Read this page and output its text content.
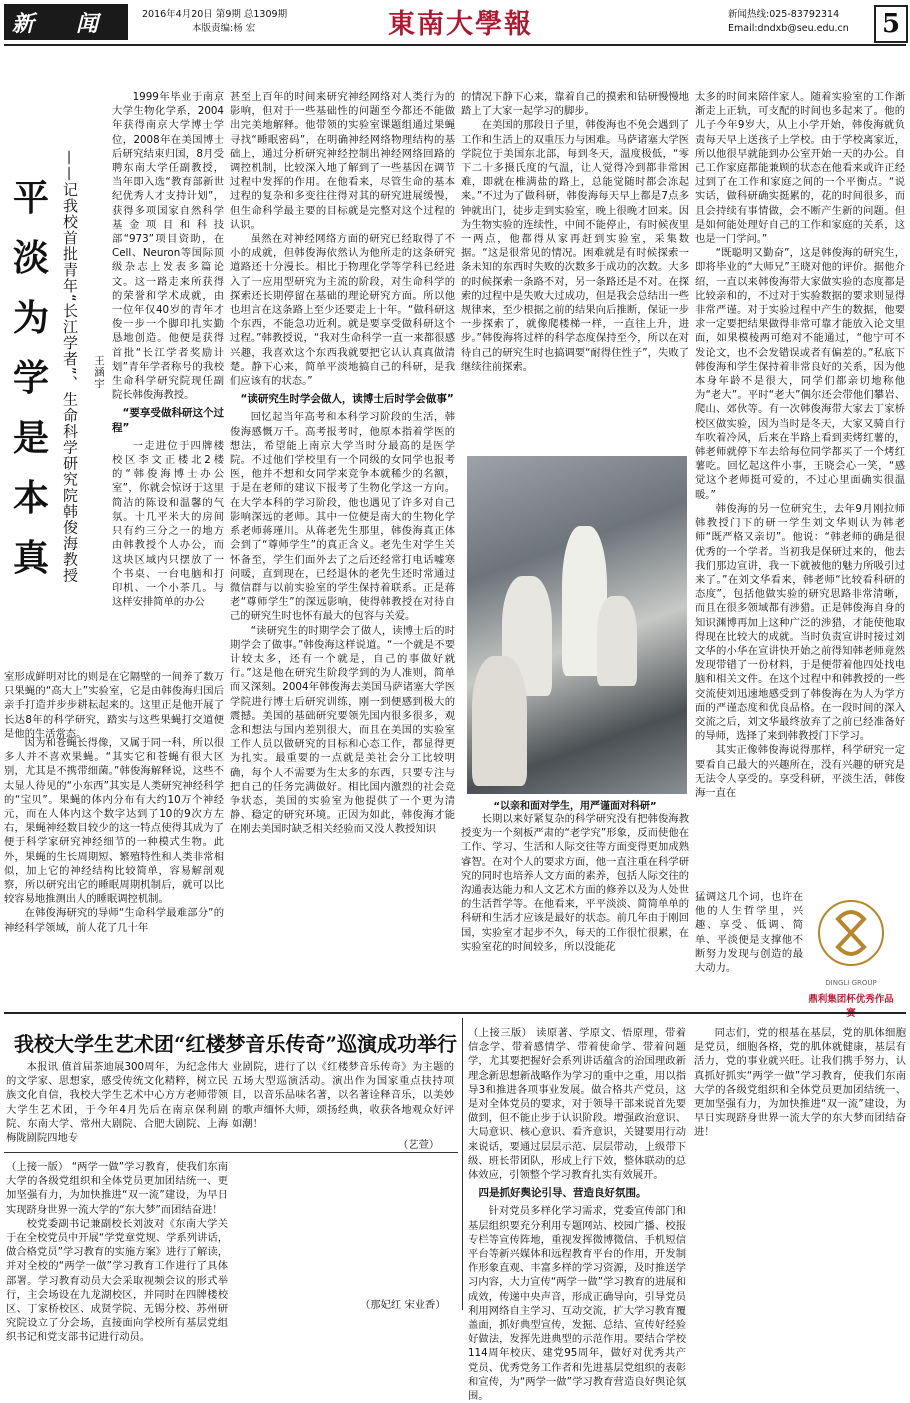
新 闻	2016年4月20日 第9期 总1309期
本版责编:杨 宏	東南大學報	新闻热线:025-83792314
Email:dndxb@seu.edu.cn	5
平
淡
为
学
是
本
真 ——记我校首批青年“长江学者”、生命科学研究院韩俊海教授 王涵宇

1999年毕业于南京大学生物化学系，2004年获得南京大学博士学位，2008年在美国博士后研究结束归国，8月受聘东南大学任副教授，当年即入选“教育部新世纪优秀人才支持计划”，获得多项国家自然科学基金项目和科技部“973”项目资助，在Cell、Neuron等国际顶级杂志上发表多篇论文。这一路走来所获得的荣誉和学术成就，由一位年仅40岁的青年才俊一步一个脚印扎实勤恳地创造。他便是获得首批“长江学者奖励计划”青年学者称号的我校生命科学研究院现任副院长韩俊海教授。

“要享受做科研这个过程”

一走进位于四牌楼校区李文正楼北2楼的“韩俊海博士办公室”，你就会惊讶于这里简洁的陈设和温馨的气氛。十几平米大的房间只有约三分之一的地方由韩教授个人办公，而这块区域内只摆放了一个书桌、一台电脑和打印机、一个小茶几。与这样安排简单的办公

室形成鲜明对比的则是在它隔壁的一间养了数万只果蝇的“高大上”实验室，它是由韩俊海归国后亲手打造并步步耕耘起来的。这里正是他开展了长达8年的科学研究，踏实与这些果蝇打交道便是他的生活常态。

因为和苍蝇长得像，又属于同一科，所以很多人并不喜欢果蝇。“其实它和苍蝇有很大区别，尤其是不携带细菌。”韩俊海解释说，这些不太显人待见的“小东西”其实是人类研究神经科学的“宝贝”。果蝇的体内分布有大约10万个神经元，而在人体内这个数字达到了10的9次方左右，果蝇神经数目较少的这一特点使得其成为了便于科学家研究神经细节的一种模式生物。此外，果蝇的生长周期短、繁殖特性和人类非常相似，加上它的神经结构比较简单，容易解剖观察，所以研究出它的睡眠周期机制后，就可以比较容易地推测出人的睡眠调控机制。

在韩俊海研究的导师“生命科学最难部分”的神经科学领域，前人花了几十年

甚至上百年的时间来研究神经网络对人类行为的影响，但对于一些基础性的问题至今都还不能做出完美地解释。他带领的实验室课题组通过果蝇寻找“睡眠密码”，在明确神经网络物理结构的基础上，通过分析研究神经控制出神经网络回路的调控机制，比较深入地了解到了一些基因在调节过程中发挥的作用。在他看来，尽管生命的基本过程的复杂和多变往往得对其的研究进展缓慢，但生命科学最主要的目标就是完整对这个过程的认识。

虽然在对神经网络方面的研究已经取得了不小的成就，但韩俊海依然认为他所走的这条研究道路还十分漫长。相比于物理化学等学科已经进入了一应用型研究为主流的阶段，对生命科学的探索还长期停留在基础的理论研究方面。所以他也坦言在这条路上至少还要走上十年。“做科研这个东西，不能急功近利。就是要享受做科研这个过程。”韩教授说，“我对生命科学一直一来都很感兴趣，我喜欢这个东西我就要把它认认真真做清楚。静下心来，简单平淡地搞自己的科研，是我们应该有的状态。”

“读研究生时学会做人，读博士后时学会做事”

回忆起当年高考和本科学习阶段的生活，韩俊海感慨万千。高考报考时，他原本指着学医的想法，希望能上南京大学当时分最高的是医学院。不过他们学校里有一个同级的女同学也报考医，他并不想和女同学来竞争本就稀少的名额，于是在老师的建议下报考了生物化学这一方向。在大学本科的学习阶段，他也遇见了许多对自己影响深远的老师。其中一位便是南大的生物化学系老师蒋瑾川。从蒋老先生那里，韩俊海真正体会到了“尊师学生”的真正含义。老先生对学生关怀备至，学生们面外去了之后还经常打电话嘘寒问暖，直到现在，已经退休的老先生还时常通过微信群与以前实验室的学生保持着联系。正是蒋老“尊师学生”的深远影响，使得韩教授在对待自己的研究生时也怀有最大的包容与关爱。

“读研究生的时期学会了做人，读博士后的时期学会了做事。”韩俊海这样说道。“一个就是不要计较太多，还有一个就是，自己的事做好就行。”这是他在研究生阶段学到的为人准则，简单而又深刻。2004年韩俊海去美国马萨诸塞大学医学院进行博士后研究训练，刚一到便感到极大的震撼。美国的基础研究要领先国内很多很多，观念和想法与国内差别很大，而且在美国的实验室工作人员以做研究的目标和心态工作，都显得更为扎实。最重要的一点就是美社会分工比较明确，每个人不需要为生太多的东西，只要专注与把自己的任务完满做好。相比国内激烈的社会竞争状态，美国的实验室为他提供了一个更为清静、稳定的研究环境。正因为如此，韩俊海才能在刚去美国时缺乏相关经验而又没人教授知识

的情况下静下心来，靠着自己的摸索和钻研慢慢地踏上了大家一起学习的脚步。

在美国的那段日子里，韩俊海也不免会遇到了工作和生活上的双重压力与困难。马萨诸塞大学医学院位于美国东北部，每到冬天，温度极低，“零下二十多摄氏度的气温，让人觉得冷到都非常困难，即就在椎满盐的路上，总能觉随时都会冻起来。”不过为了做科研，韩俊海每天早上都是7点多钟就出门，徒步走到实验室，晚上很晚才回来。因为生物实验的连续性，中间不能停止，有时候夜里一两点，他都得从家再赶到实验室，采集数据。“这是很常见的情况。困难就是有时候探索一条未知的东西时失败的次数多于成功的次数。大多的时候探索一条路不对，另一条路还是不对。在探索的过程中是失败大过成功，但是我会总结出一些规律来，至少根据之前的结果向后推断，保证一步一步探索了，就像爬楼梯一样，一直往上升，进步。”韩俊海将过样的科学态度保持至今，所以在对待自己的研究生时也搞调要“耐得住性子”，失败了继续往前探索。

“以亲和面对学生，用严谨面对科研”

长期以来好紧复杂的科学研究没有把韩俊海教授变为一个刻板严肃的“老学究”形象，反而使他在工作、学习、生活和人际交往等方面变得更加成熟睿智。在对个人的要求方面，他一直注重在科学研究的同时也培养人文方面的素养，包括人际交往的沟通表达能力和人文艺术方面的修养以及为人处世的生活哲学等。在他看来，平平淡淡、简简单单的科研和生活才应该是最好的状态。前几年由于刚回国，实验室才起步不久，每天的工作很忙很累，在实验室花的时间较多，所以没能花

太多的时间来陪伴家人。随着实验室的工作渐渐走上正轨，可支配的时间也多起来了。他的儿子今年9岁大，从上小学开始，韩俊海就负责每天早上送孩子上学校。由于学校离家近，所以他很早就能到办公室开始一天的办公。自己工作家庭都能兼顾的状态在他看来或许正经过到了在工作和家庭之间的一个平衡点。“说实话，做科研确实挺累的，花的时间很多，而且会持续有事情做，会不断产生新的问题。但是如何能处理好自己的工作和家庭的关系，这也是一门学问。”

“既聪明又勤奋”，这是韩俊海的研究生，即将毕业的“大师兄”王晓对他的评价。据他介绍，一直以来韩俊海带大家做实验的态度都是比较亲和的，不过对于实验数据的要求则显得非常严谨。对于实验过程中产生的数据，他要求一定要把结果做得非常可靠才能放入论文里面，如果模棱两可绝对不能通过，“他宁可不发论文，也不会发错误或者有偏差的。”私底下韩俊海和学生保持着非常良好的关系，因为他本身年龄不是很大，同学们都亲切地称他为“老大”。平时“老大”偶尔还会带他们攀岩、爬山、郊伙等。有一次韩俊海带大家去丁家桥校区做实验，因为当时是冬天，大家又骑自行车吹着冷风，后来在半路上看到卖烤红薯的，韩老师就停下车去给每位同学都买了一个烤红薯吃。回忆起这件小事，王晓会心一笑，“感觉这个老师挺可爱的，不过心里面确实很温暖。”

韩俊海的另一位研究生，去年9月刚拉师韩教授门下的研一学生刘文华则认为韩老师“既严格又亲切”。他说：“韩老师的确是很优秀的一个学者。当初我是保研过来的，他去我们那边宣讲，我一下就被他的魅力所吸引过来了。”在刘文华看来，韩老师“比较看科研的态度”，包括他做实验的研究思路非常清晰，而且在很多领域都有涉猎。正是韩俊海自身的知识渊博再加上这种广泛的涉猎，才能使他取得现在比较大的成就。当时负责宣讲时接过刘文华的小华在宣讲快开始之前得知韩老师竟然发现带错了一份材料，于是便带着他四处找电脑和相关文件。在这个过程中和韩教授的一些交流使刘迅速地感受到了韩俊海在为人为学方面的严谨态度和优良品格。在一段时间的深入交流之后，刘文华最终放弃了之前已经准备好的导师，选择了来到韩教授门下学习。

其实正像韩俊海说得那样，科学研究一定要看自己最大的兴趣所在，没有兴趣的研究是无法令人享受的。享受科研，平淡生活，韩俊海一直在

猛调这几个词，也许在他的人生哲学里，兴趣、享受、低调、简单、平淡便是支撑他不断努力发现与创造的最大动力。

DINGLI GROUP
鼎利集团杯优秀作品
我校大学生艺术团“红楼梦音乐传奇”巡演成功举行

本报讯 值首届茶迪展300周年，为纪念伟大的文学家、思想家，感受传统文化精粹，树立民族文化自信，我校大学生艺术中心方方老师带领大学生艺术团，于今年4月先后在南京保利剧院、东南大学、常州大剧院、合肥大剧院、上海梅陇剧院四地专

业剧院，进行了以《红楼梦音乐传奇》为主题的五场大型巡演活动。演出作为国家重点扶持项目，以音乐品味名著，以名著诠释音乐，以美妙的歌声缅怀大师，颂扬经典，收获各地观众好评如潮！

（艺萱）

（上接一版） “两学一做”学习教育，使我们东南大学的各级党组织和全体党员更加团结统一、更加坚强有力，为加快推进“双一流”建设，为早日实现跻身世界一流大学的“东大梦”而团结奋进！

校党委副书记兼副校长刘波对《东南大学关于在全校党员中开展“学党章党规、学系列讲话，做合格党员”学习教育的实施方案》进行了解读，并对全校的“两学一做”学习教育工作进行了具体部署。学习教育动员大会采取视频会议的形式举行，主会场设在九龙湖校区，并同时在四牌楼校区、丁家桥校区、成贤学院、无锡分校、苏州研究院设立了分会场，直接面向学校所有基层党组织书记和党支部书记进行动员。

（那妃红 宋业香）

（上接三版） 读原著、学原文、悟原理，带着信念学、带着感情学、带着使命学、带着问题学，尤其要把握好会系列讲话蕴含的治国理政新理念新思想新战略作为学习的重中之重，用以指导3和推进各项事业发展。做合格共产党员，这是对全体党员的要求，对于领导干部来说首先要做到，但不能止步于认识阶段。增强政治意识、大局意识、核心意识、看齐意识，关键要用行动来说话，要通过层层示范、层层带动，上级带下级、班长带团队，形成上行下效，整体联动的总体效应，引领整个学习教育扎实有效展开。

四是抓好舆论引导、营造良好氛围。

针对党员多样化学习需求，党委宣传部门和基层组织要充分利用专题网站、校园广播、校报专栏等宣传阵地，重视发挥微博微信、手机短信平台等新兴媒体和远程教育平台的作用，开发制作形象直观、丰富多样的学习资源，及时推送学习内容，大力宣传“两学一做”学习教育的进展和成效，传递中央声音，形成正确导向，引导党员利用网络自主学习、互动交流，扩大学习教育覆盖面，抓好典型宣传，发掘、总结、宣传好经验好做法，发挥先进典型的示范作用。要结合学校114周年校庆、建党95周年，做好对优秀共产党员、优秀党务工作者和先进基层党组织的表彰和宣传，为“两学一做”学习教育营造良好舆论氛围。

同志们，党的根基在基层，党的肌体细胞是党员，细胞各格，党的肌体就健康，基层有活力，党的事业就兴旺。让我们携手努力，认真抓好抓实“两学一做”学习教育，使我们东南大学的各级党组织和全体党员更加团结统一、更加坚强有力，为加快推进“双一流”建设，为早日实现跻身世界一流大学的东大梦而团结奋进！
